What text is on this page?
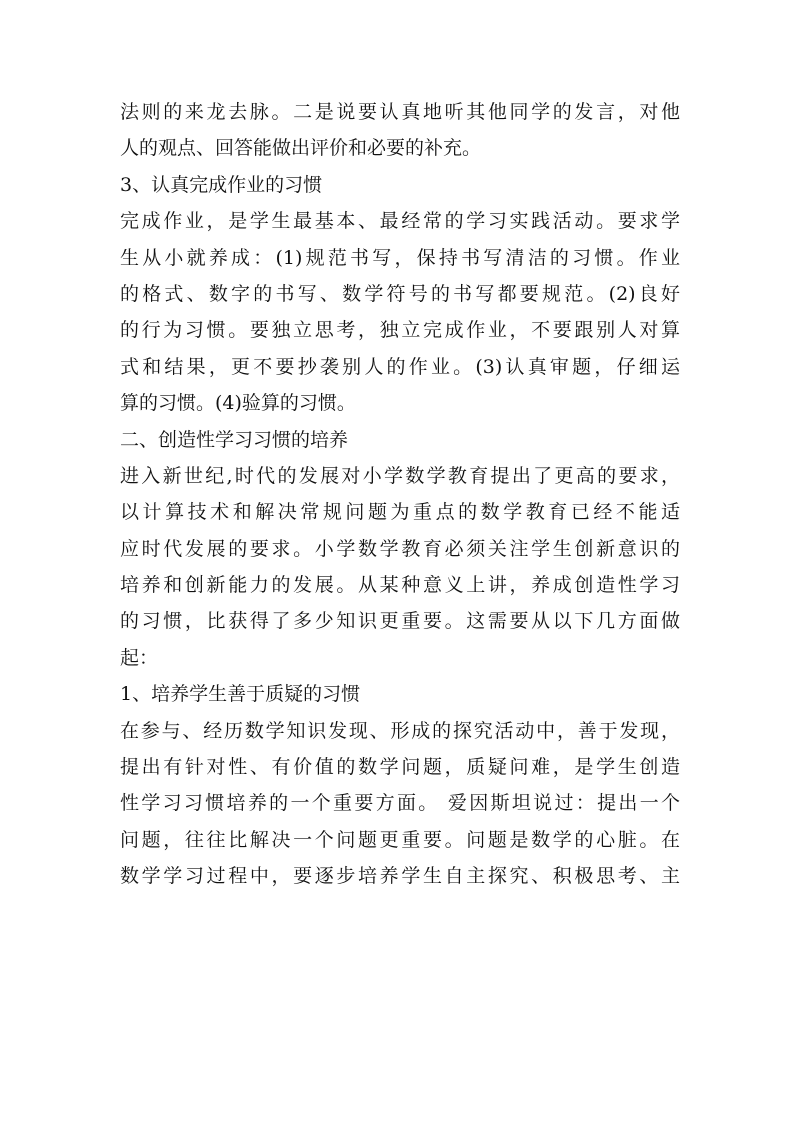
法则的来龙去脉。二是说要认真地听其他同学的发言，对他
人的观点、回答能做出评价和必要的补充。
3、认真完成作业的习惯
完成作业，是学生最基本、最经常的学习实践活动。要求学
生从小就养成：(1)规范书写，保持书写清洁的习惯。作业
的格式、数字的书写、数学符号的书写都要规范。(2)良好
的行为习惯。要独立思考，独立完成作业，不要跟别人对算
式和结果，更不要抄袭别人的作业。(3)认真审题，仔细运
算的习惯。(4)验算的习惯。
二、创造性学习习惯的培养
进入新世纪,时代的发展对小学数学教育提出了更高的要求，
以计算技术和解决常规问题为重点的数学教育已经不能适
应时代发展的要求。小学数学教育必须关注学生创新意识的
培养和创新能力的发展。从某种意义上讲，养成创造性学习
的习惯，比获得了多少知识更重要。这需要从以下几方面做
起：
1、培养学生善于质疑的习惯
在参与、经历数学知识发现、形成的探究活动中，善于发现，
提出有针对性、有价值的数学问题，质疑问难，是学生创造
性学习习惯培养的一个重要方面。 爱因斯坦说过：提出一个
问题，往往比解决一个问题更重要。问题是数学的心脏。在
数学学习过程中，要逐步培养学生自主探究、积极思考、主
